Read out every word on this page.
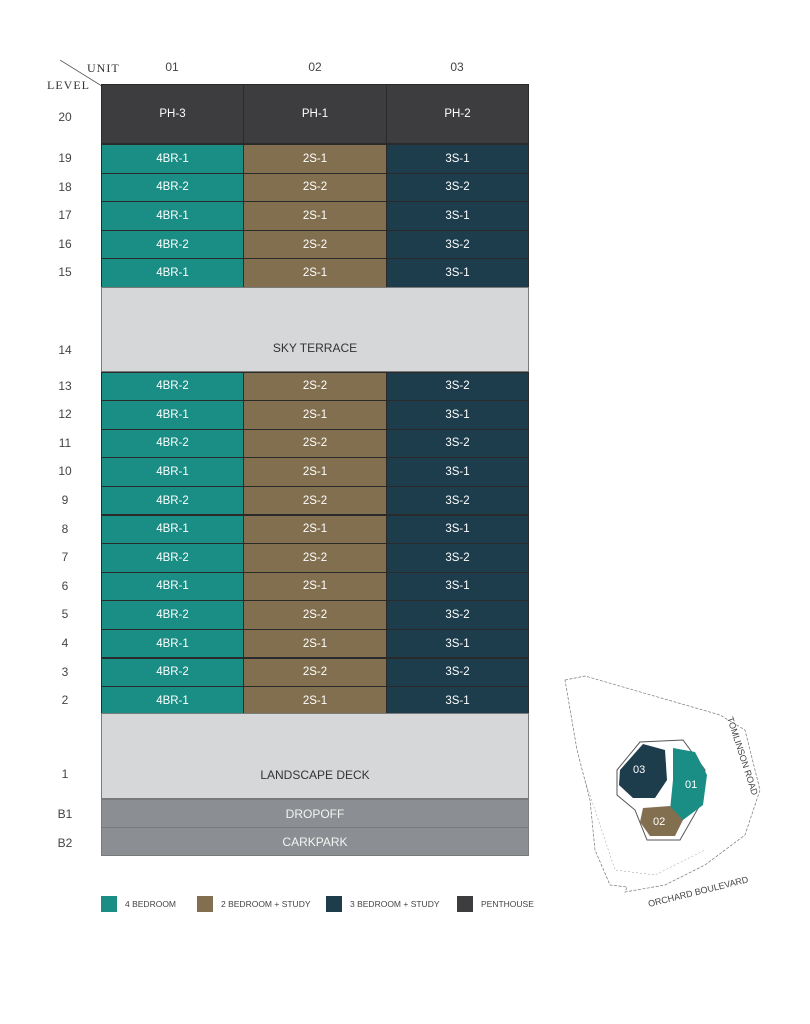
UNIT
LEVEL
01	02	03
20	PH-3	PH-1	PH-2
19	4BR-1	2S-1	3S-1
18	4BR-2	2S-2	3S-2
17	4BR-1	2S-1	3S-1
16	4BR-2	2S-2	3S-2
15	4BR-1	2S-1	3S-1
14	SKY TERRACE
13	4BR-2	2S-2	3S-2
12	4BR-1	2S-1	3S-1
11	4BR-2	2S-2	3S-2
10	4BR-1	2S-1	3S-1
9	4BR-2	2S-2	3S-2
8	4BR-1	2S-1	3S-1
7	4BR-2	2S-2	3S-2
6	4BR-1	2S-1	3S-1
5	4BR-2	2S-2	3S-2
4	4BR-1	2S-1	3S-1
3	4BR-2	2S-2	3S-2
2	4BR-1	2S-1	3S-1
1	LANDSCAPE DECK
B1	DROPOFF
B2	CARKPARK
4 BEDROOM	2 BEDROOM + STUDY	3 BEDROOM + STUDY	PENTHOUSE
03
01
02
TOMLINSON ROAD
ORCHARD BOULEVARD
